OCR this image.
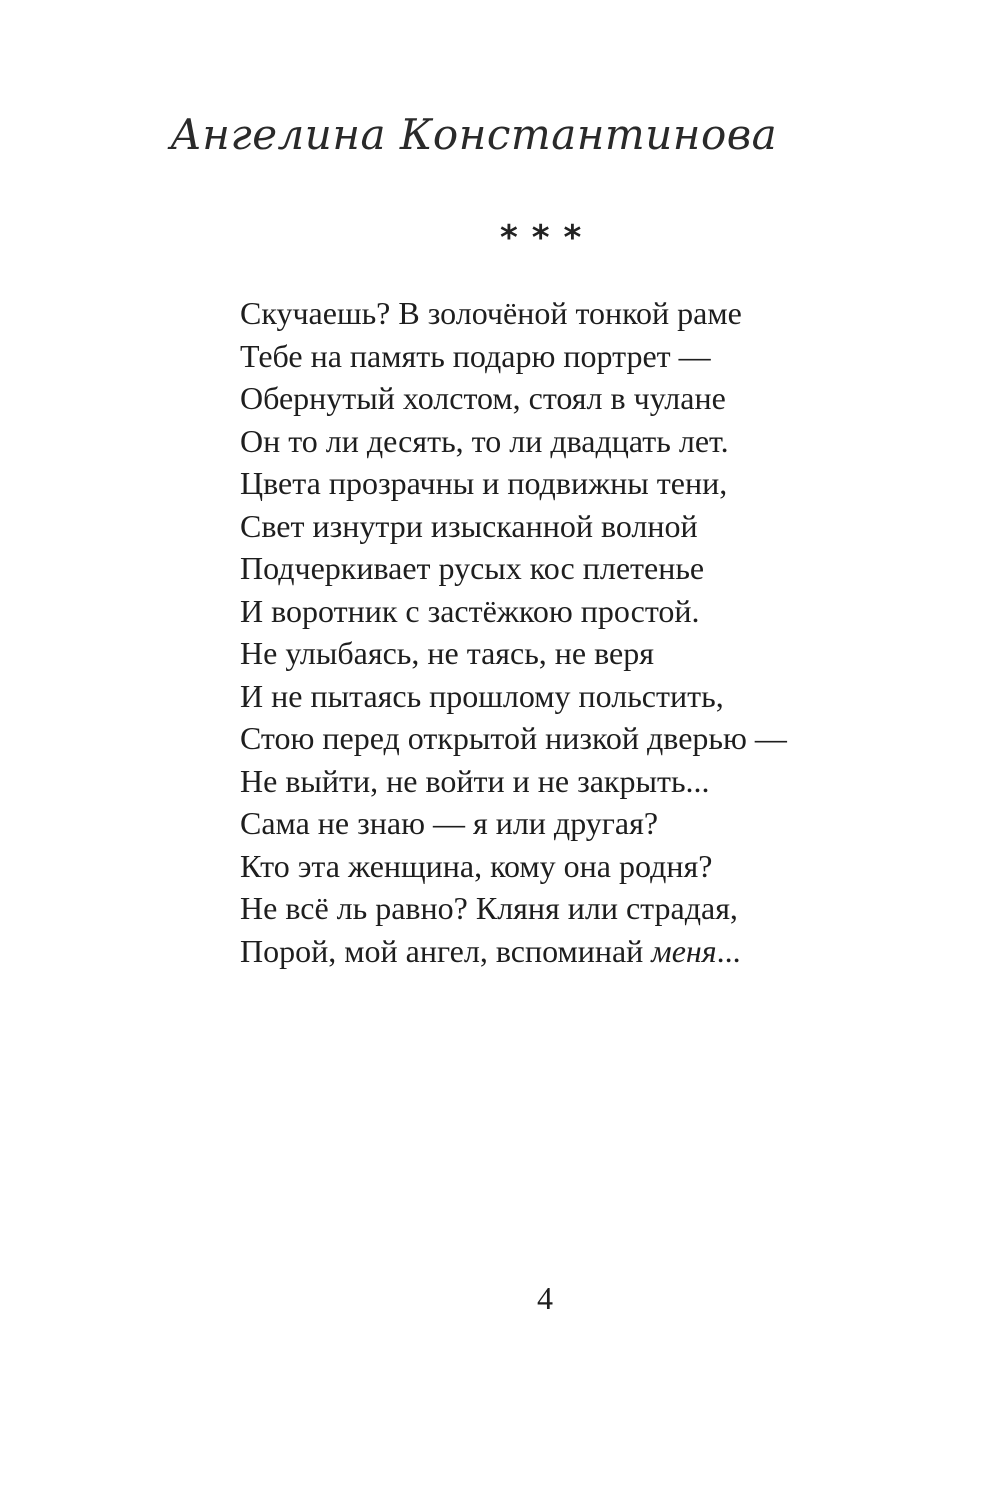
Ангелина Константинова
***
Скучаешь? В золочёной тонкой раме
Тебе на память подарю портрет —
Обернутый холстом, стоял в чулане
Он то ли десять, то ли двадцать лет.
Цвета прозрачны и подвижны тени,
Свет изнутри изысканной волной
Подчеркивает русых кос плетенье
И воротник с застёжкою простой.
Не улыбаясь, не таясь, не веря
И не пытаясь прошлому польстить,
Стою перед открытой низкой дверью —
Не выйти, не войти и не закрыть...
Сама не знаю — я или другая?
Кто эта женщина, кому она родня?
Не всё ль равно? Кляня или страдая,
Порой, мой ангел, вспоминай меня...
4
